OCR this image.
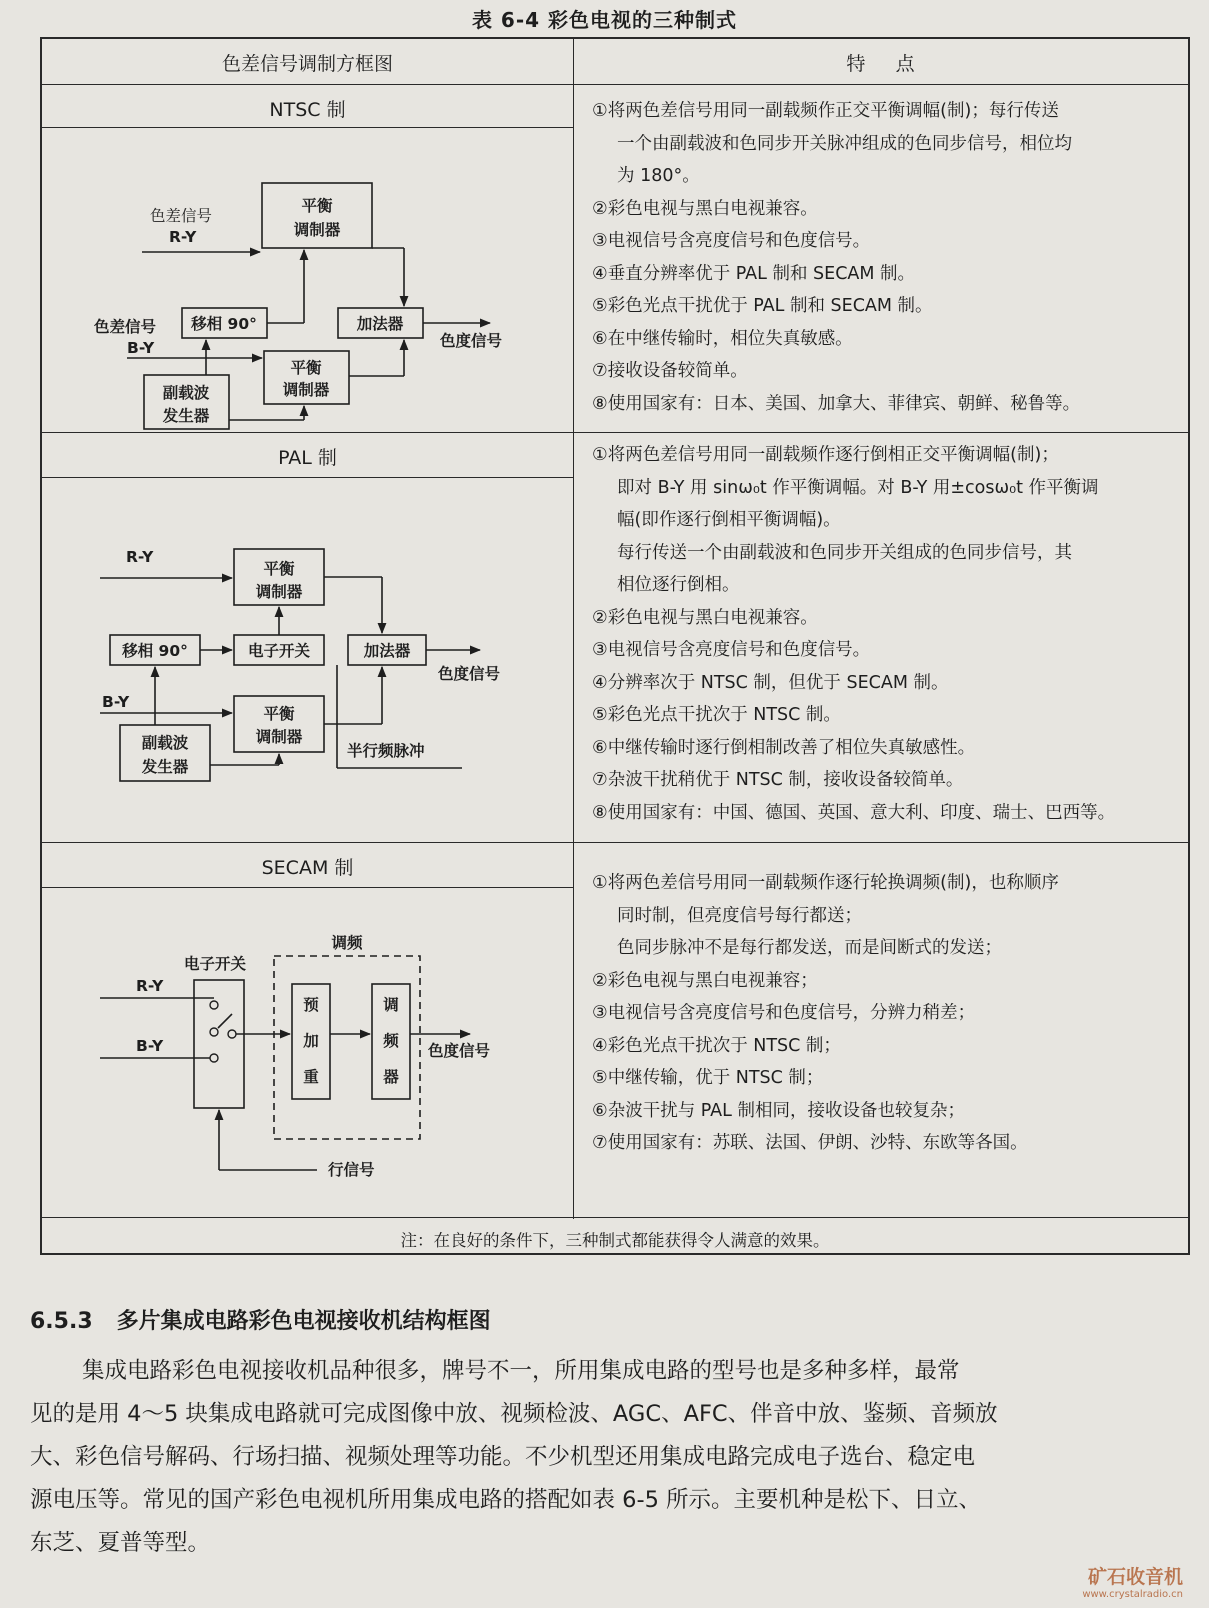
表 6-4 彩色电视的三种制式
色差信号调制方框图	特     点
NTSC 制
色差信号
R-Y
平衡
调制器
移相 90°	加法器
色差信号
B-Y
平衡
调制器
副载波
发生器
色度信号
①将两色差信号用同一副载频作正交平衡调幅(制)；每行传送
一个由副载波和色同步开关脉冲组成的色同步信号，相位均
为 180°。
②彩色电视与黑白电视兼容。
③电视信号含亮度信号和色度信号。
④垂直分辨率优于 PAL 制和 SECAM 制。
⑤彩色光点干扰优于 PAL 制和 SECAM 制。
⑥在中继传输时，相位失真敏感。
⑦接收设备较简单。
⑧使用国家有：日本、美国、加拿大、菲律宾、朝鲜、秘鲁等。
PAL 制
R-Y
平衡
调制器
移相 90°	电子开关	加法器
色度信号
B-Y
平衡
调制器
副载波
发生器
半行频脉冲
①将两色差信号用同一副载频作逐行倒相正交平衡调幅(制)；
即对 B-Y 用 sinω₀t 作平衡调幅。对 B-Y 用±cosω₀t 作平衡调
幅(即作逐行倒相平衡调幅)。
每行传送一个由副载波和色同步开关组成的色同步信号，其
相位逐行倒相。
②彩色电视与黑白电视兼容。
③电视信号含亮度信号和色度信号。
④分辨率次于 NTSC 制，但优于 SECAM 制。
⑤彩色光点干扰次于 NTSC 制。
⑥中继传输时逐行倒相制改善了相位失真敏感性。
⑦杂波干扰稍优于 NTSC 制，接收设备较简单。
⑧使用国家有：中国、德国、英国、意大利、印度、瑞士、巴西等。
SECAM 制
电子开关
调频
R-Y
B-Y
预
加
重
调
频
器
色度信号
行信号
①将两色差信号用同一副载频作逐行轮换调频(制)，也称顺序
同时制，但亮度信号每行都送；
色同步脉冲不是每行都发送，而是间断式的发送；
②彩色电视与黑白电视兼容；
③电视信号含亮度信号和色度信号，分辨力稍差；
④彩色光点干扰次于 NTSC 制；
⑤中继传输，优于 NTSC 制；
⑥杂波干扰与 PAL 制相同，接收设备也较复杂；
⑦使用国家有：苏联、法国、伊朗、沙特、东欧等各国。
注：在良好的条件下，三种制式都能获得令人满意的效果。
6.5.3 多片集成电路彩色电视接收机结构框图
集成电路彩色电视接收机品种很多，牌号不一，所用集成电路的型号也是多种多样，最常
见的是用 4～5 块集成电路就可完成图像中放、视频检波、AGC、AFC、伴音中放、鉴频、音频放
大、彩色信号解码、行场扫描、视频处理等功能。不少机型还用集成电路完成电子选台、稳定电
源电压等。常见的国产彩色电视机所用集成电路的搭配如表 6-5 所示。主要机种是松下、日立、
东芝、夏普等型。
矿石收音机
www.crystalradio.cn
